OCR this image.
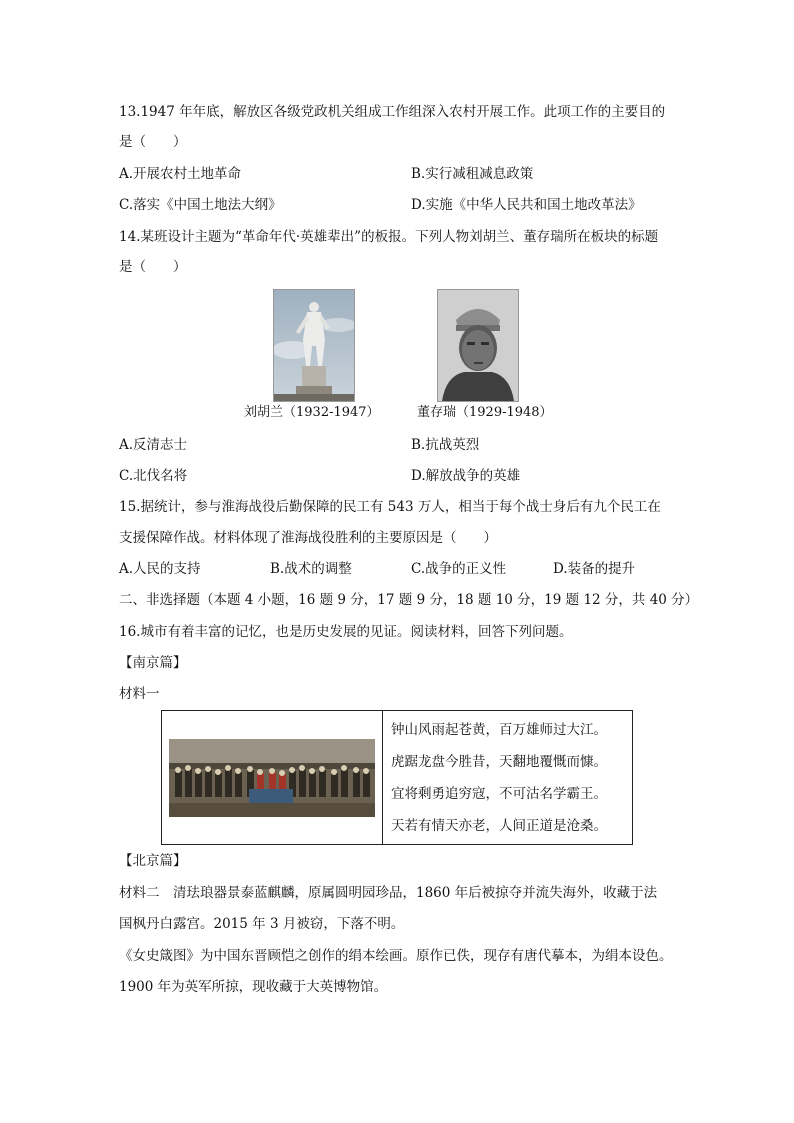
13.1947 年年底，解放区各级党政机关组成工作组深入农村开展工作。此项工作的主要目的
是（　　）
A.开展农村土地革命	B.实行减租减息政策
C.落实《中国土地法大纲》	D.实施《中华人民共和国土地改革法》
14.某班设计主题为“革命年代·英雄辈出”的板报。下列人物刘胡兰、董存瑞所在板块的标题
是（　　）
刘胡兰（1932-1947）	董存瑞（1929-1948）
A.反清志士	B.抗战英烈
C.北伐名将	D.解放战争的英雄
15.据统计，参与淮海战役后勤保障的民工有 543 万人，相当于每个战士身后有九个民工在
支援保障作战。材料体现了淮海战役胜利的主要原因是（　　）
A.人民的支持	B.战术的调整	C.战争的正义性	D.装备的提升
二、非选择题（本题 4 小题，16 题 9 分，17 题 9 分，18 题 10 分，19 题 12 分，共 40 分）
16.城市有着丰富的记忆，也是历史发展的见证。阅读材料，回答下列问题。
【南京篇】
材料一

钟山风雨起苍黄，百万雄师过大江。
虎踞龙盘今胜昔，天翻地覆慨而慷。
宜将剩勇追穷寇，不可沽名学霸王。
天若有情天亦老，人间正道是沧桑。
【北京篇】
材料二　清珐琅器景泰蓝麒麟，原属圆明园珍品，1860 年后被掠夺并流失海外，收藏于法
国枫丹白露宫。2015 年 3 月被窃，下落不明。
《女史箴图》为中国东晋顾恺之创作的绢本绘画。原作已佚，现存有唐代摹本，为绢本设色。
1900 年为英军所掠，现收藏于大英博物馆。
